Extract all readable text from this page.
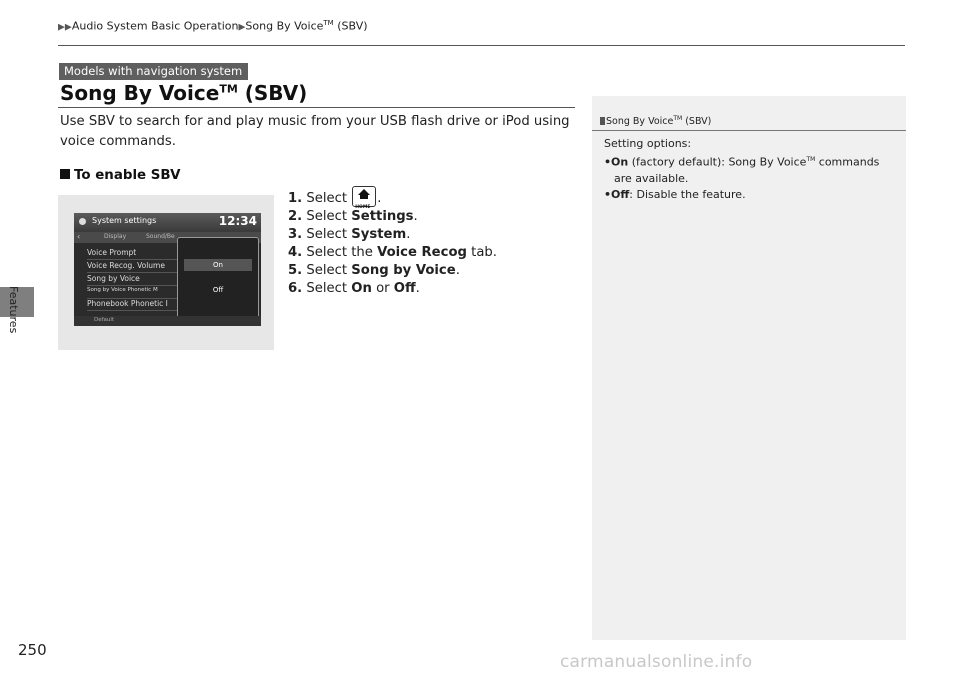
▶▶Audio System Basic Operation▶Song By Voice™ (SBV)
Models with navigation system
Song By Voice™ (SBV)
Use SBV to search for and play music from your USB flash drive or iPod using voice commands.
To enable SBV
System settings	12:34
‹	Display	Sound/Be
Voice Prompt
Voice Recog. Volume
Song by Voice
Song by Voice Phonetic M
Phonebook Phonetic I
On
Off
Default
1. Select
HOME
.
2. Select Settings.
3. Select System.
4. Select the Voice Recog tab.
5. Select Song by Voice.
6. Select On or Off.
Song By Voice™ (SBV)
Setting options:
•On (factory default): Song By Voice™ commands are available.
•Off: Disable the feature.
250
carmanualsonline.info
